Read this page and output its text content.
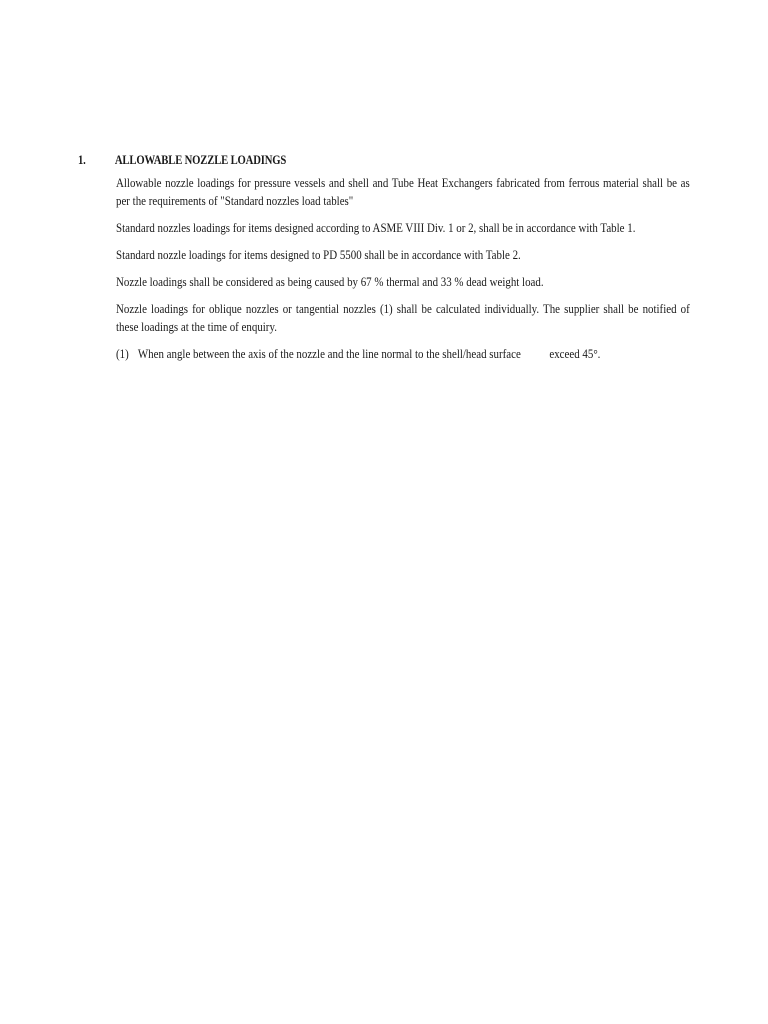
1.	ALLOWABLE NOZZLE LOADINGS

Allowable nozzle loadings for pressure vessels and shell and Tube Heat Exchangers fabricated from ferrous material shall be as per the requirements of "Standard nozzles load tables"

Standard nozzles loadings for items designed according to ASME VIII Div. 1 or 2, shall be in accordance with Table 1.

Standard nozzle loadings for items designed to PD 5500 shall be in accordance with Table 2.

Nozzle loadings shall be considered as being caused by 67 % thermal and 33 % dead weight load.

Nozzle loadings for oblique nozzles or tangential nozzles (1) shall be calculated individually. The supplier shall be notified of these loadings at the time of enquiry.

(1) When angle between the axis of the nozzle and the line normal to the shell/head surface exceed 45°.
